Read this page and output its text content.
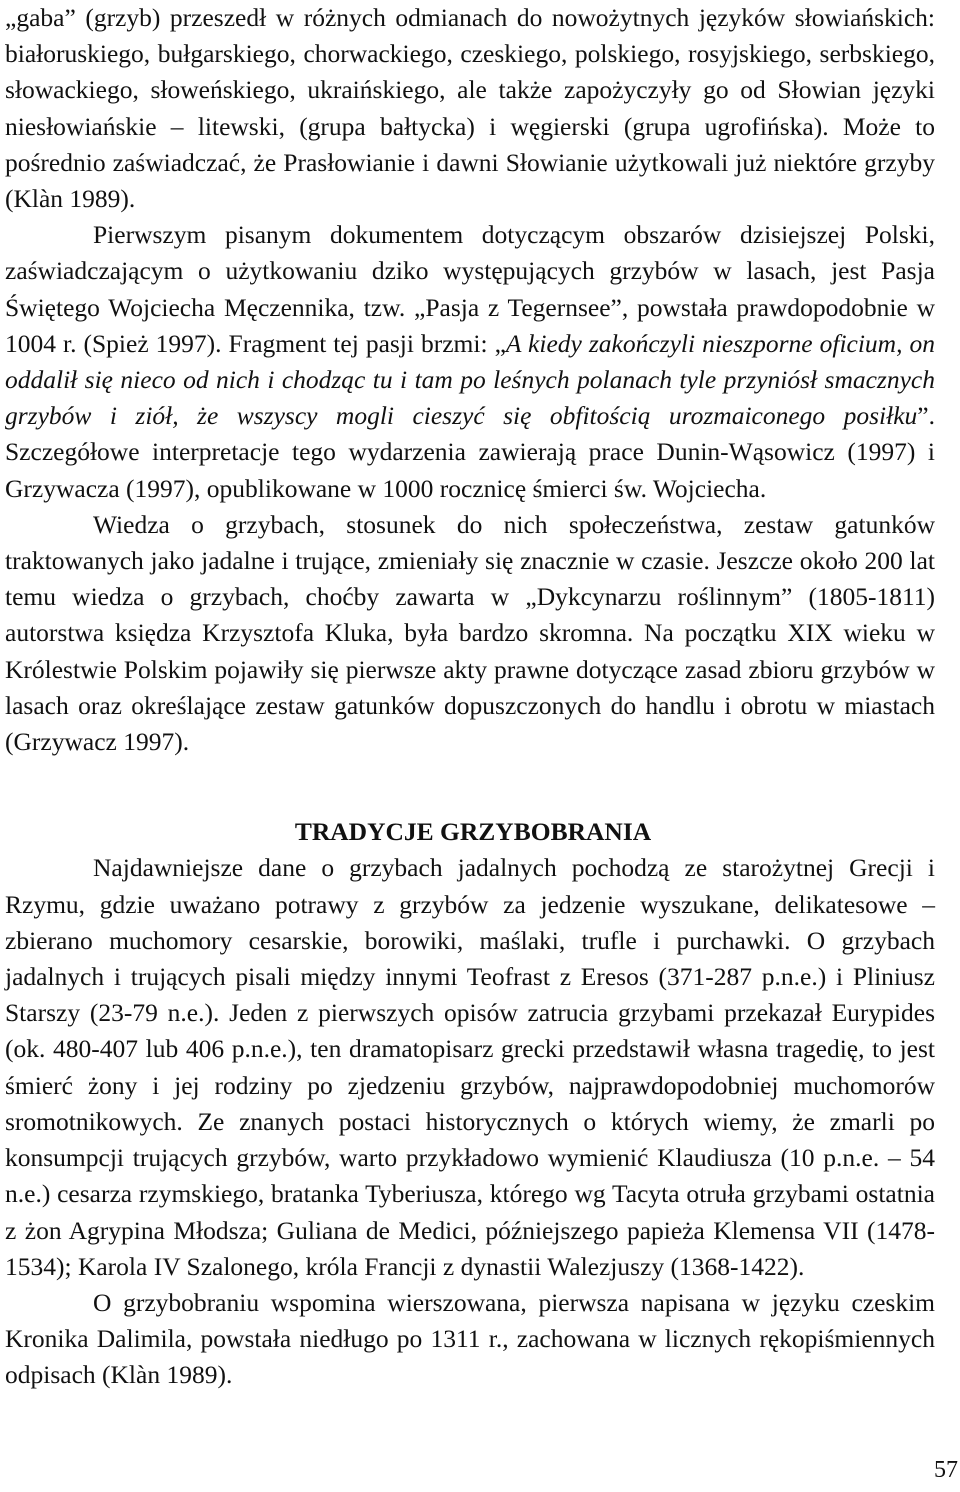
„gaba” (grzyb) przeszedł w różnych odmianach do nowożytnych języków słowiańskich: białoruskiego, bułgarskiego, chorwackiego, czeskiego, polskiego, rosyjskiego, serbskiego, słowackiego, słoweńskiego, ukraińskiego, ale także zapożyczyły go od Słowian języki niesłowiańskie – litewski, (grupa bałtycka) i węgierski (grupa ugrofińska). Może to pośrednio zaświadczać, że Prasłowianie i dawni Słowianie użytkowali już niektóre grzyby (Klàn 1989).

Pierwszym pisanym dokumentem dotyczącym obszarów dzisiejszej Polski, zaświadczającym o użytkowaniu dziko występujących grzybów w lasach, jest Pasja Świętego Wojciecha Męczennika, tzw. „Pasja z Tegernsee”, powstała prawdopodobnie w 1004 r. (Spież 1997). Fragment tej pasji brzmi: „A kiedy zakończyli nieszporne oficium, on oddalił się nieco od nich i chodząc tu i tam po leśnych polanach tyle przyniósł smacznych grzybów i ziół, że wszyscy mogli cieszyć się obfitością urozmaiconego posiłku”. Szczegółowe interpretacje tego wydarzenia zawierają prace Dunin-Wąsowicz (1997) i Grzywacza (1997), opublikowane w 1000 rocznicę śmierci św. Wojciecha.

Wiedza o grzybach, stosunek do nich społeczeństwa, zestaw gatunków traktowanych jako jadalne i trujące, zmieniały się znacznie w czasie. Jeszcze około 200 lat temu wiedza o grzybach, choćby zawarta w „Dykcynarzu roślinnym” (1805-1811) autorstwa księdza Krzysztofa Kluka, była bardzo skromna. Na początku XIX wieku w Królestwie Polskim pojawiły się pierwsze akty prawne dotyczące zasad zbioru grzybów w lasach oraz określające zestaw gatunków dopuszczonych do handlu i obrotu w miastach (Grzywacz 1997).

TRADYCJE GRZYBOBRANIA

Najdawniejsze dane o grzybach jadalnych pochodzą ze starożytnej Grecji i Rzymu, gdzie uważano potrawy z grzybów za jedzenie wyszukane, delikatesowe – zbierano muchomory cesarskie, borowiki, maślaki, trufle i purchawki. O grzybach jadalnych i trujących pisali między innymi Teofrast z Eresos (371-287 p.n.e.) i Pliniusz Starszy (23-79 n.e.). Jeden z pierwszych opisów zatrucia grzybami przekazał Eurypides (ok. 480-407 lub 406 p.n.e.), ten dramatopisarz grecki przedstawił własna tragedię, to jest śmierć żony i jej rodziny po zjedzeniu grzybów, najprawdopodobniej muchomorów sromotnikowych. Ze znanych postaci historycznych o których wiemy, że zmarli po konsumpcji trujących grzybów, warto przykładowo wymienić Klaudiusza (10 p.n.e. – 54 n.e.) cesarza rzymskiego, bratanka Tyberiusza, którego wg Tacyta otruła grzybami ostatnia z żon Agrypina Młodsza; Guliana de Medici, późniejszego papieża Klemensa VII (1478-1534); Karola IV Szalonego, króla Francji z dynastii Walezjuszy (1368-1422).

O grzybobraniu wspomina wierszowana, pierwsza napisana w języku czeskim Kronika Dalimila, powstała niedługo po 1311 r., zachowana w licznych rękopiśmiennych odpisach (Klàn 1989).

57
